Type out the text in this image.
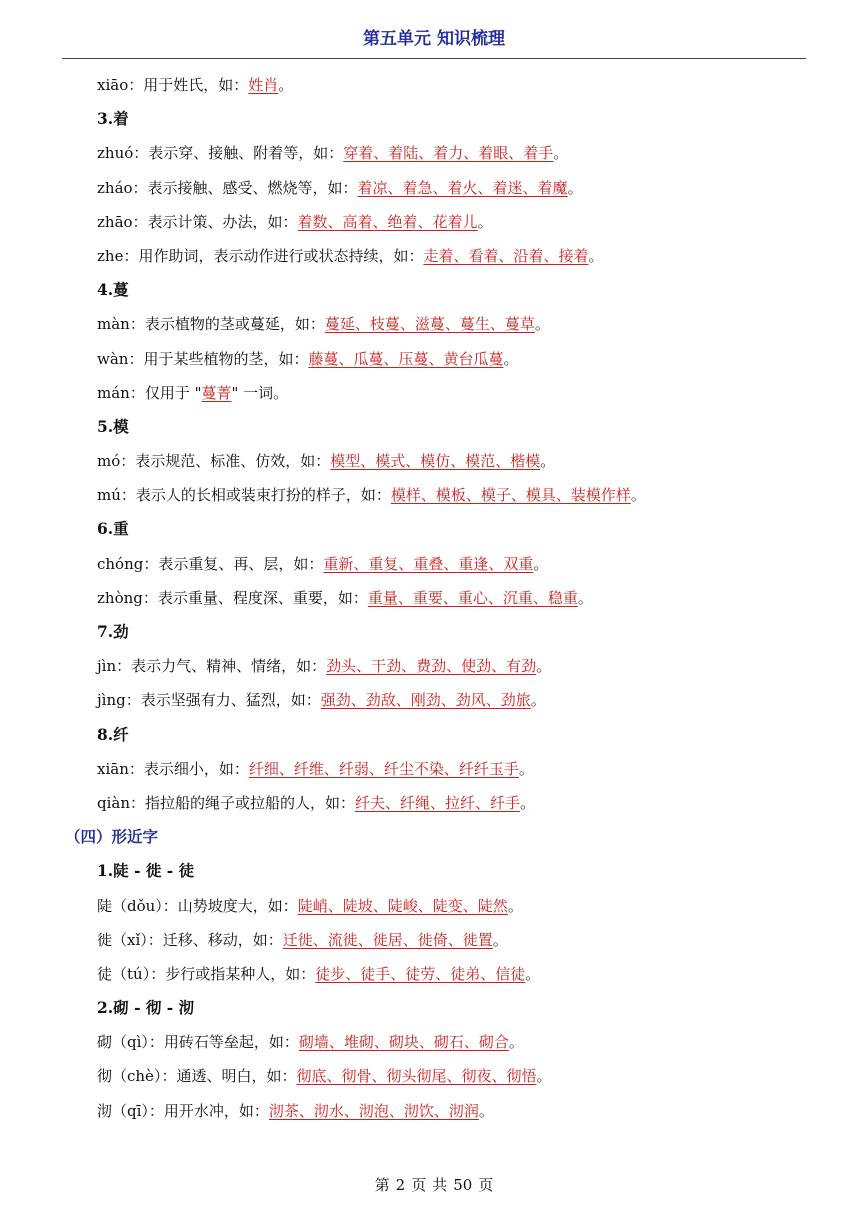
第五单元 知识梳理
xiāo：用于姓氏，如：姓肖。
3.着
zhuó：表示穿、接触、附着等，如：穿着、着陆、着力、着眼、着手。
zháo：表示接触、感受、燃烧等，如：着凉、着急、着火、着迷、着魔。
zhāo：表示计策、办法，如：着数、高着、绝着、花着儿。
zhe：用作助词，表示动作进行或状态持续，如：走着、看着、沿着、接着。
4.蔓
màn：表示植物的茎或蔓延，如：蔓延、枝蔓、滋蔓、蔓生、蔓草。
wàn：用于某些植物的茎，如：藤蔓、瓜蔓、压蔓、黄台瓜蔓。
mán：仅用于 "蔓菁" 一词。
5.模
mó：表示规范、标准、仿效，如：模型、模式、模仿、模范、楷模。
mú：表示人的长相或装束打扮的样子，如：模样、模板、模子、模具、装模作样。
6.重
chóng：表示重复、再、层，如：重新、重复、重叠、重逢、双重。
zhòng：表示重量、程度深、重要，如：重量、重要、重心、沉重、稳重。
7.劲
jìn：表示力气、精神、情绪，如：劲头、干劲、费劲、使劲、有劲。
jìng：表示坚强有力、猛烈，如：强劲、劲敌、刚劲、劲风、劲旅。
8.纤
xiān：表示细小，如：纤细、纤维、纤弱、纤尘不染、纤纤玉手。
qiàn：指拉船的绳子或拉船的人，如：纤夫、纤绳、拉纤、纤手。
（四）形近字
1.陡 - 徙 - 徒
陡（dǒu）：山势坡度大，如：陡峭、陡坡、陡峻、陡变、陡然。
徙（xǐ）：迁移、移动，如：迁徙、流徙、徙居、徙倚、徙置。
徒（tú）：步行或指某种人，如：徒步、徒手、徒劳、徒弟、信徒。
2.砌 - 彻 - 沏
砌（qì）：用砖石等垒起，如：砌墙、堆砌、砌块、砌石、砌合。
彻（chè）：通透、明白，如：彻底、彻骨、彻头彻尾、彻夜、彻悟。
沏（qī）：用开水冲，如：沏茶、沏水、沏泡、沏饮、沏润。
第 2 页 共 50 页
